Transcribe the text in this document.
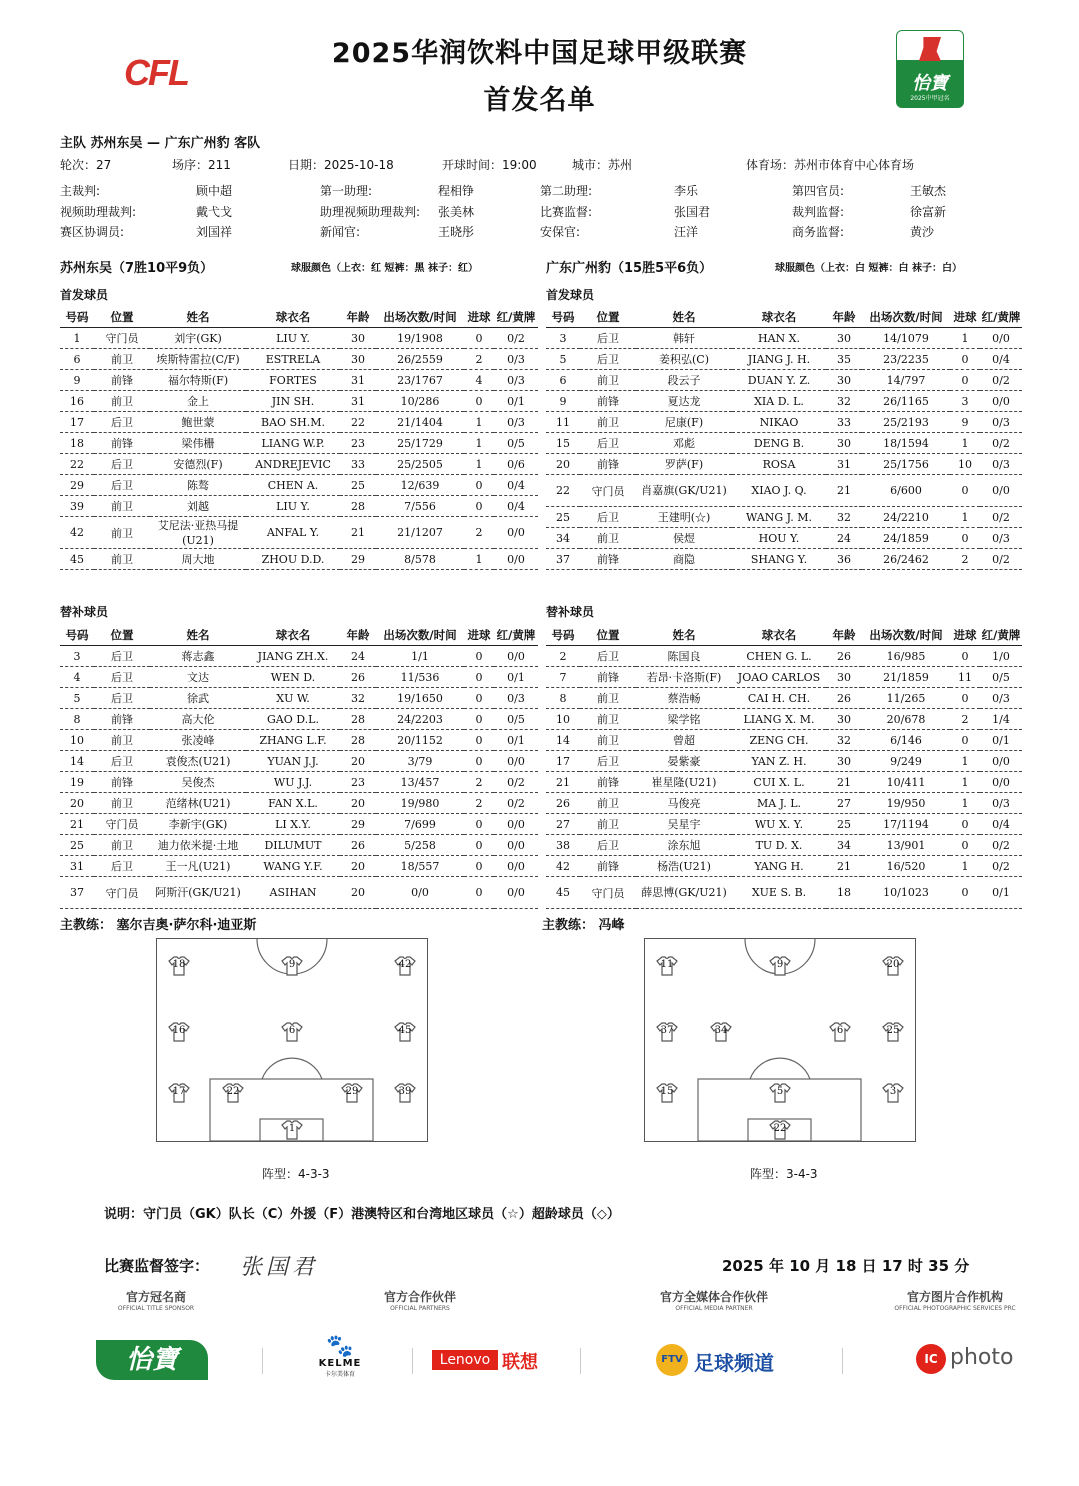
CFL	2025华润饮料中国足球甲级联赛
首发名单
怡寶
2025中甲冠名
主队 苏州东吴 — 广东广州豹 客队
轮次：27	场序：211	日期：2025-10-18	开球时间：19:00	城市：苏州	体育场：苏州市体育中心体育场
主裁判:	顾中超	第一助理:	程相铮	第二助理:	李乐	第四官员:	王敏杰
视频助理裁判:	戴弋戈	助理视频助理裁判: 张美林	比赛监督:	张国君	裁判监督:	徐富新
赛区协调员:	刘国祥	新闻官:	王晓彤	安保官:	汪洋	商务监督:	黄沙
苏州东吴（7胜10平9负）	球服颜色（上衣：红 短裤：黑 袜子：红）	广东广州豹（15胜5平6负）	球服颜色（上衣：白 短裤：白 袜子：白）
首发球员	首发球员
替补球员	替补球员
号码	位置	姓名	球衣名	年龄	出场次数/时间	进球	红/黄牌
1	守门员	刘宇(GK)	LIU Y.	30	19/1908	0	0/2
6	前卫	埃斯特雷拉(C/F)	ESTRELA	30	26/2559	2	0/3
9	前锋	福尔特斯(F)	FORTES	31	23/1767	4	0/3
16	前卫	金上	JIN SH.	31	10/286	0	0/1
17	后卫	鲍世蒙	BAO SH.M.	22	21/1404	1	0/3
18	前锋	梁伟栅	LIANG W.P.	23	25/1729	1	0/5
22	后卫	安德烈(F)	ANDREJEVIC	33	25/2505	1	0/6
29	后卫	陈骜	CHEN A.	25	12/639	0	0/4
39	前卫	刘越	LIU Y.	28	7/556	0	0/4
42	前卫	艾尼法·亚热马提(U21)	ANFAL Y.	21	21/1207	2	0/0
45	前卫	周大地	ZHOU D.D.	29	8/578	1	0/0
号码	位置	姓名	球衣名	年龄	出场次数/时间	进球	红/黄牌
3	后卫	韩轩	HAN X.	30	14/1079	1	0/0
5	后卫	姜积弘(C)	JIANG J. H.	35	23/2235	0	0/4
6	前卫	段云子	DUAN Y. Z.	30	14/797	0	0/2
9	前锋	夏达龙	XIA D. L.	32	26/1165	3	0/0
11	前卫	尼康(F)	NIKAO	33	25/2193	9	0/3
15	后卫	邓彪	DENG B.	30	18/1594	1	0/2
20	前锋	罗萨(F)	ROSA	31	25/1756	10	0/3
22	守门员	肖嘉旗(GK/U21)	XIAO J. Q.	21	6/600	0	0/0
25	后卫	王建明(☆)	WANG J. M.	32	24/2210	1	0/2
34	前卫	侯煜	HOU Y.	24	24/1859	0	0/3
37	前锋	商隐	SHANG Y.	36	26/2462	2	0/2
号码	位置	姓名	球衣名	年龄	出场次数/时间	进球	红/黄牌
3	后卫	蒋志鑫	JIANG ZH.X.	24	1/1	0	0/0
4	后卫	文达	WEN D.	26	11/536	0	0/1
5	后卫	徐武	XU W.	32	19/1650	0	0/3
8	前锋	高大伦	GAO D.L.	28	24/2203	0	0/5
10	前卫	张凌峰	ZHANG L.F.	28	20/1152	0	0/1
14	后卫	袁俊杰(U21)	YUAN J.J.	20	3/79	0	0/0
19	前锋	吴俊杰	WU J.J.	23	13/457	2	0/2
20	前卫	范绪林(U21)	FAN X.L.	20	19/980	2	0/2
21	守门员	李新宇(GK)	LI X.Y.	29	7/699	0	0/0
25	前卫	迪力依米提·土地	DILUMUT	26	5/258	0	0/0
31	后卫	王一凡(U21)	WANG Y.F.	20	18/557	0	0/0
37	守门员	阿斯汗(GK/U21)	ASIHAN	20	0/0	0	0/0
号码	位置	姓名	球衣名	年龄	出场次数/时间	进球	红/黄牌
2	后卫	陈国良	CHEN G. L.	26	16/985	0	1/0
7	前锋	若昂·卡洛斯(F)	JOAO CARLOS	30	21/1859	11	0/5
8	前卫	蔡浩畅	CAI H. CH.	26	11/265	0	0/3
10	前卫	梁学铭	LIANG X. M.	30	20/678	2	1/4
14	前卫	曾超	ZENG CH.	32	6/146	0	0/1
17	后卫	晏紫豪	YAN Z. H.	30	9/249	1	0/0
21	前锋	崔星隆(U21)	CUI X. L.	21	10/411	1	0/0
26	前卫	马俊亮	MA J. L.	27	19/950	1	0/3
27	前卫	吴星宇	WU X. Y.	25	17/1194	0	0/4
38	后卫	涂东旭	TU D. X.	34	13/901	0	0/2
42	前锋	杨浩(U21)	YANG H.	21	16/520	1	0/2
45	守门员	薛思博(GK/U21)	XUE S. B.	18	10/1023	0	0/1
主教练： 塞尔吉奥·萨尔科·迪亚斯	主教练： 冯峰
18	9	42
16	6	45
17	22	29	39
1
11	9	20
37	34	6	25
15	5	3
22
阵型：4-3-3	阵型：3-4-3
说明：守门员（GK）队长（C）外援（F）港澳特区和台湾地区球员（☆）超龄球员（◇）
比赛监督签字： 张国君	2025 年 10 月 18 日 17 时 35 分
官方冠名商
OFFICIAL TITLE SPONSOR
官方合作伙伴
OFFICIAL PARTNERS
官方全媒体合作伙伴
OFFICIAL MEDIA PARTNER
官方图片合作机构
OFFICIAL PHOTOGRAPHIC SERVICES PRC
怡寶	🐾
KELME
卡尔美体育
Lenovo 联想	FTV 足球频道	IC photo
